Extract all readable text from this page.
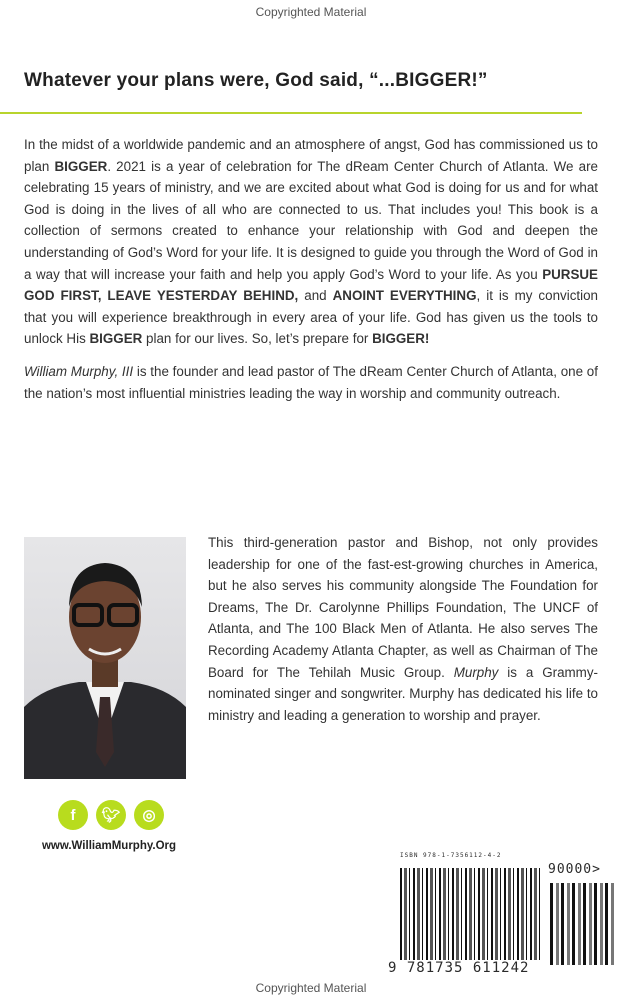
Copyrighted Material
Whatever your plans were, God said, “...BIGGER!”
In the midst of a worldwide pandemic and an atmosphere of angst, God has commissioned us to plan BIGGER. 2021 is a year of celebration for The dReam Center Church of Atlanta. We are celebrating 15 years of ministry, and we are excited about what God is doing for us and for what God is doing in the lives of all who are connected to us. That includes you! This book is a collection of sermons created to enhance your relationship with God and deepen the understanding of God’s Word for your life. It is designed to guide you through the Word of God in a way that will increase your faith and help you apply God’s Word to your life. As you PURSUE GOD FIRST, LEAVE YESTERDAY BEHIND, and ANOINT EVERYTHING, it is my conviction that you will experience breakthrough in every area of your life. God has given us the tools to unlock His BIGGER plan for our lives. So, let’s prepare for BIGGER!
William Murphy, III is the founder and lead pastor of The dReam Center Church of Atlanta, one of the nation’s most influential ministries leading the way in worship and community outreach.
This third-generation pastor and Bishop, not only provides leadership for one of the fast-est-growing churches in America, but he also serves his community alongside The Foundation for Dreams, The Dr. Carolynne Phillips Foundation, The UNCF of Atlanta, and The 100 Black Men of Atlanta. He also serves The Recording Academy Atlanta Chapter, as well as Chairman of The Board for The Tehilah Music Group. Murphy is a Grammy-nominated singer and songwriter. Murphy has dedicated his life to ministry and leading a generation to worship and prayer.
f	🐦︎	◎
www.WilliamMurphy.Org
ISBN 978-1-7356112-4-2
90000>
9 781735 611242
Copyrighted Material
